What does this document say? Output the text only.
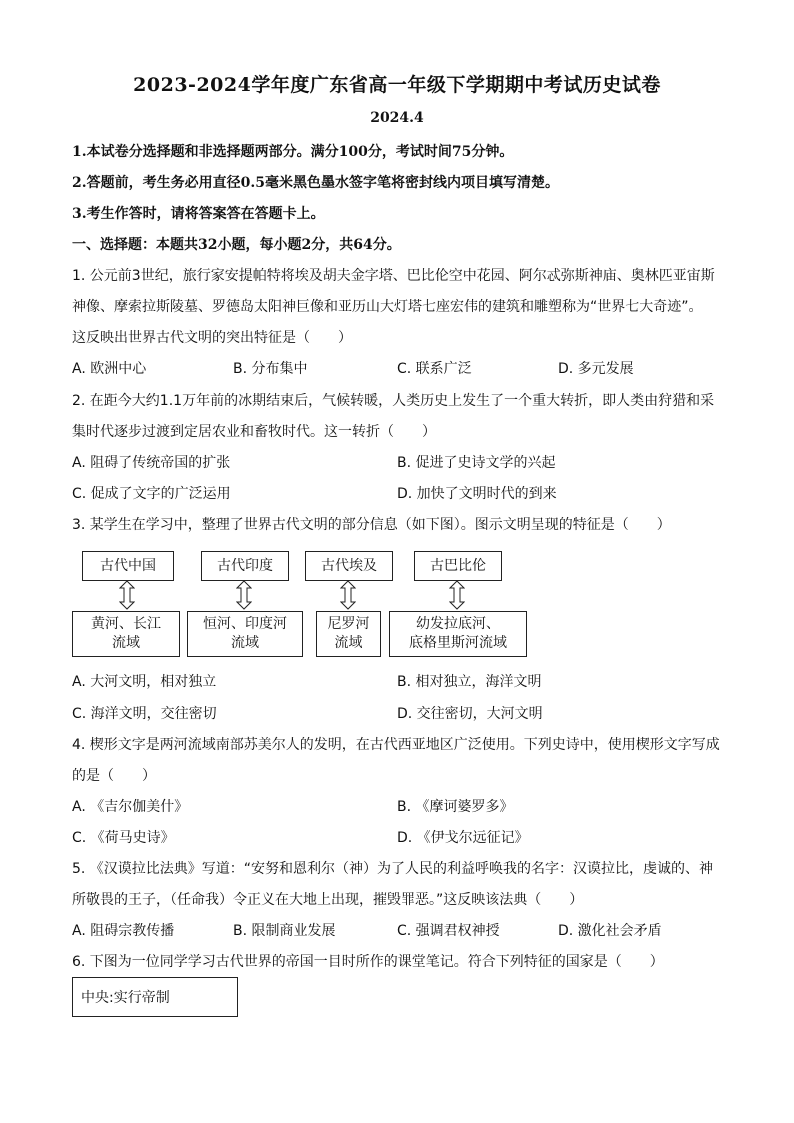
2023-2024学年度广东省高一年级下学期期中考试历史试卷
2024.4
1.本试卷分选择题和非选择题两部分。满分100分，考试时间75分钟。
2.答题前，考生务必用直径0.5毫米黑色墨水签字笔将密封线内项目填写清楚。
3.考生作答时，请将答案答在答题卡上。
一、选择题：本题共32小题，每小题2分，共64分。
1. 公元前3世纪，旅行家安提帕特将埃及胡夫金字塔、巴比伦空中花园、阿尔忒弥斯神庙、奥林匹亚宙斯
神像、摩索拉斯陵墓、罗德岛太阳神巨像和亚历山大灯塔七座宏伟的建筑和雕塑称为“世界七大奇迹”。
这反映出世界古代文明的突出特征是（　　）
A. 欧洲中心	B. 分布集中	C. 联系广泛	D. 多元发展
2. 在距今大约1.1万年前的冰期结束后，气候转暖，人类历史上发生了一个重大转折，即人类由狩猎和采
集时代逐步过渡到定居农业和畜牧时代。这一转折（　　）
A. 阻碍了传统帝国的扩张	B. 促进了史诗文学的兴起
C. 促成了文字的广泛运用	D. 加快了文明时代的到来
3. 某学生在学习中，整理了世界古代文明的部分信息（如下图）。图示文明呈现的特征是（　　）
古代中国	古代印度	古代埃及	古巴比伦
黄河、长江
流域
恒河、印度河
流域
尼罗河
流域
幼发拉底河、
底格里斯河流域
A. 大河文明，相对独立	B. 相对独立，海洋文明
C. 海洋文明，交往密切	D. 交往密切，大河文明
4. 楔形文字是两河流域南部苏美尔人的发明，在古代西亚地区广泛使用。下列史诗中，使用楔形文字写成
的是（　　）
A. 《吉尔伽美什》	B. 《摩诃婆罗多》
C. 《荷马史诗》	D. 《伊戈尔远征记》
5. 《汉谟拉比法典》写道：“安努和恩利尔（神）为了人民的利益呼唤我的名字：汉谟拉比，虔诚的、神
所敬畏的王子，（任命我）令正义在大地上出现，摧毁罪恶。”这反映该法典（　　）
A. 阻碍宗教传播	B. 限制商业发展	C. 强调君权神授	D. 激化社会矛盾
6. 下图为一位同学学习古代世界的帝国一目时所作的课堂笔记。符合下列特征的国家是（　　）
中央:实行帝制
